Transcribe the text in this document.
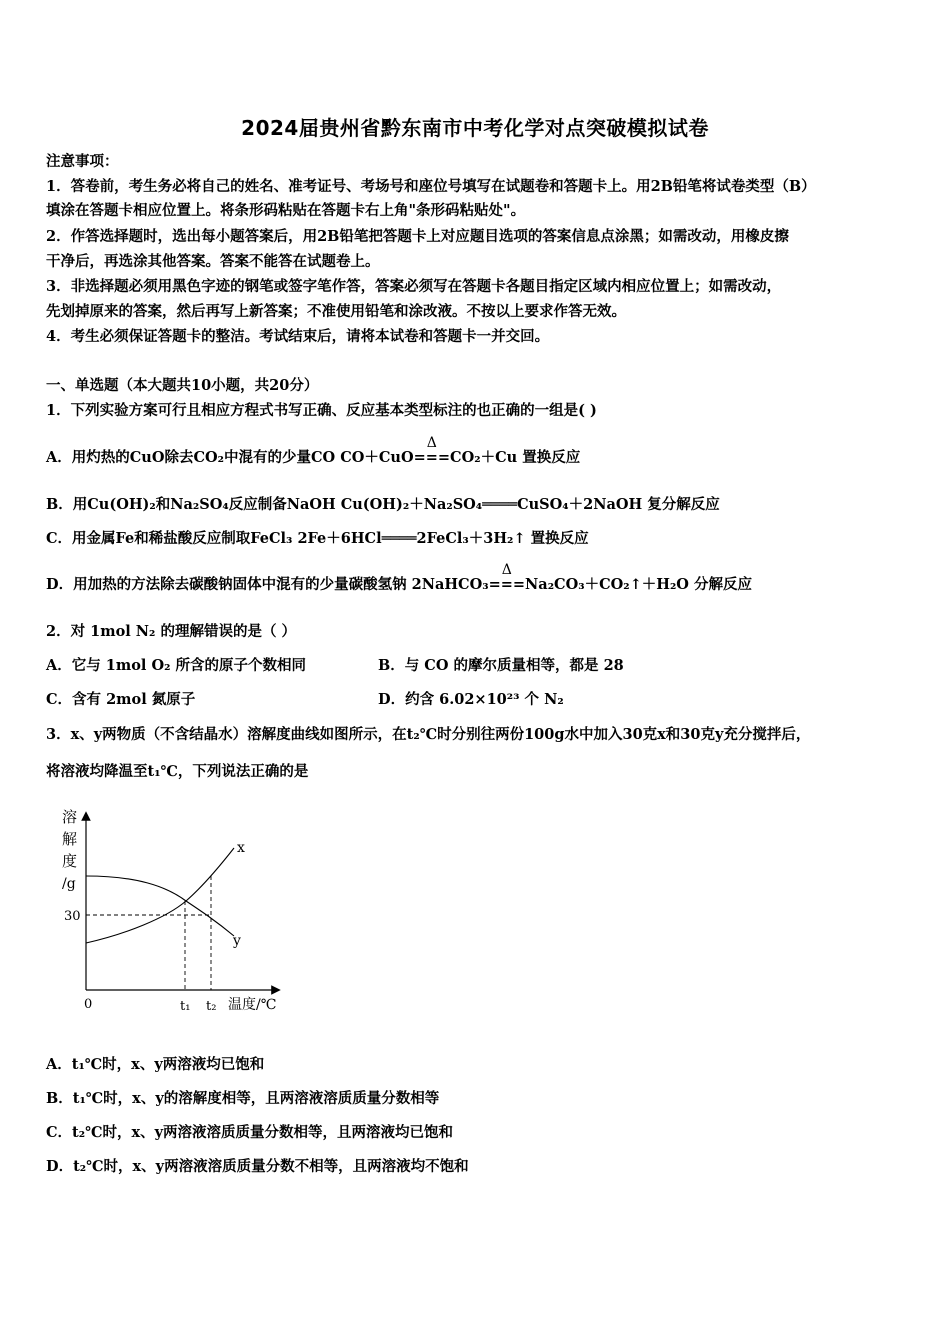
2024届贵州省黔东南市中考化学对点突破模拟试卷
注意事项：
1．答卷前，考生务必将自己的姓名、准考证号、考场号和座位号填写在试题卷和答题卡上。用2B铅笔将试卷类型（B）
填涂在答题卡相应位置上。将条形码粘贴在答题卡右上角"条形码粘贴处"。
2．作答选择题时，选出每小题答案后，用2B铅笔把答题卡上对应题目选项的答案信息点涂黑；如需改动，用橡皮擦
干净后，再选涂其他答案。答案不能答在试题卷上。
3．非选择题必须用黑色字迹的钢笔或签字笔作答，答案必须写在答题卡各题目指定区域内相应位置上；如需改动，
先划掉原来的答案，然后再写上新答案；不准使用铅笔和涂改液。不按以上要求作答无效。
4．考生必须保证答题卡的整洁。考试结束后，请将本试卷和答题卡一并交回。
一、单选题（本大题共10小题，共20分）
1．下列实验方案可行且相应方程式书写正确、反应基本类型标注的也正确的一组是( )
A．用灼热的CuO除去CO₂中混有的少量CO CO＋CuO
Δ
===CO₂＋Cu 置换反应
B．用Cu(OH)₂和Na₂SO₄反应制备NaOH Cu(OH)₂＋Na₂SO₄════CuSO₄＋2NaOH 复分解反应
C．用金属Fe和稀盐酸反应制取FeCl₃ 2Fe＋6HCl════2FeCl₃＋3H₂↑ 置换反应
D．用加热的方法除去碳酸钠固体中混有的少量碳酸氢钠 2NaHCO₃
Δ
===Na₂CO₃＋CO₂↑＋H₂O 分解反应
2．对 1mol N₂ 的理解错误的是（ ）
A．它与 1mol O₂ 所含的原子个数相同	B．与 CO 的摩尔质量相等，都是 28
C．含有 2mol 氮原子	D．约含 6.02×10²³ 个 N₂
3．x、y两物质（不含结晶水）溶解度曲线如图所示，在t₂℃时分别往两份100g水中加入30克x和30克y充分搅拌后，
将溶液均降温至t₁℃，下列说法正确的是
溶
解
度
/g
30
0	t₁ t₂ 温度/℃
x
y
A．t₁℃时，x、y两溶液均已饱和
B．t₁℃时，x、y的溶解度相等，且两溶液溶质质量分数相等
C．t₂℃时，x、y两溶液溶质质量分数相等，且两溶液均已饱和
D．t₂℃时，x、y两溶液溶质质量分数不相等，且两溶液均不饱和
